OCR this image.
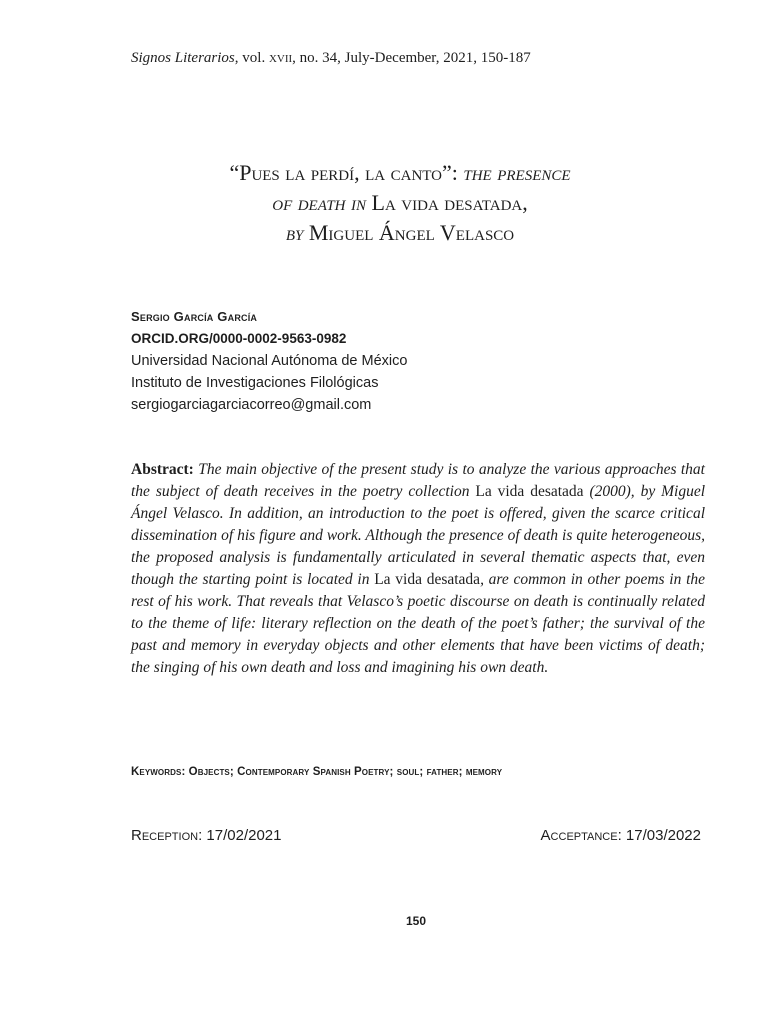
Signos Literarios, vol. xvii, no. 34, July-December, 2021, 150-187
“Pues la perdí, la canto”: the presence
of death in La vida desatada,
by Miguel Ángel Velasco
Sergio García García
ORCID.ORG/0000-0002-9563-0982
Universidad Nacional Autónoma de México
Instituto de Investigaciones Filológicas
sergiogarciagarciacorreo@gmail.com
Abstract: The main objective of the present study is to analyze the various approaches that the subject of death receives in the poetry collection La vida desatada (2000), by Miguel Ángel Velasco. In addition, an introduction to the poet is offered, given the scarce critical dissemination of his figure and work. Although the presence of death is quite heterogeneous, the proposed analysis is fundamentally articulated in several thematic aspects that, even though the starting point is located in La vida desatada, are common in other poems in the rest of his work. That reveals that Velasco’s poetic discourse on death is continually related to the theme of life: literary reflection on the death of the poet’s father; the survival of the past and memory in everyday objects and other elements that have been victims of death; the singing of his own death and loss and imagining his own death.
Keywords: Objects; Contemporary Spanish Poetry; soul; father; memory
Reception: 17/02/2021	Acceptance: 17/03/2022
150
